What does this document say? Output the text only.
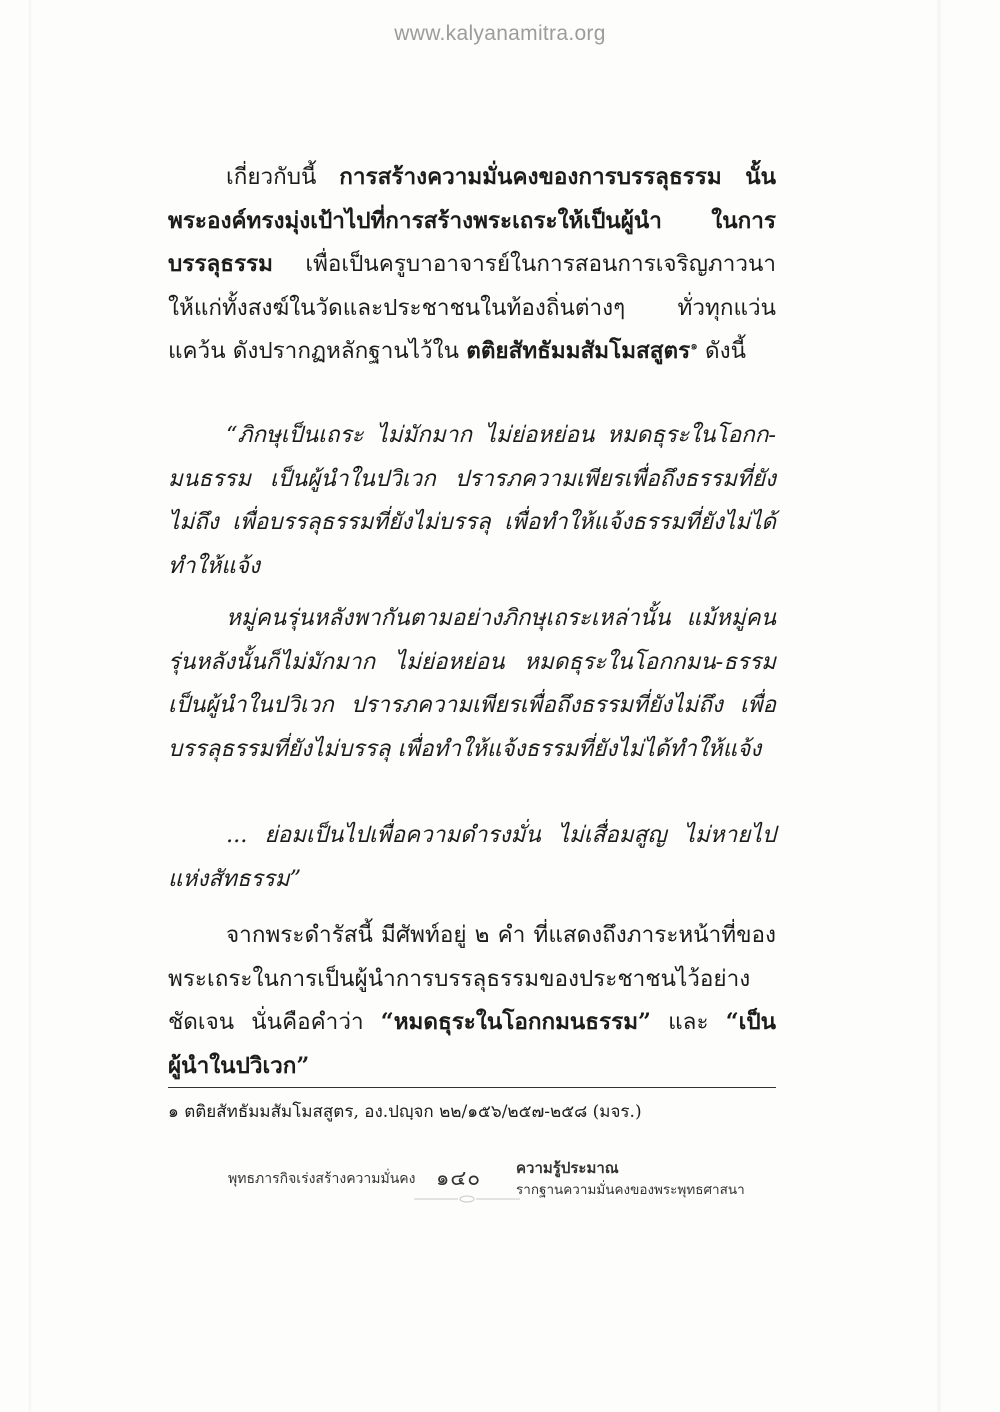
www.kalyanamitra.org

เกี่ยวกับนี้ การสร้างความมั่นคงของการบรรลุธรรม นั้น พระองค์ทรงมุ่งเป้าไปที่การสร้างพระเถระให้เป็นผู้นำ ในการบรรลุธรรม เพื่อเป็นครูบาอาจารย์ในการสอนการเจริญภาวนาให้แก่ทั้งสงฆ์ในวัดและประชาชนในท้องถิ่นต่างๆ ทั่วทุกแว่นแคว้น ดังปรากฏหลักฐานไว้ใน ตติยสัทธัมมสัมโมสสูตร$^๑$ ดังนี้

“ภิกษุเป็นเถระ ไม่มักมาก ไม่ย่อหย่อน หมดธุระในโอกก-มนธรรม เป็นผู้นำในปวิเวก ปรารภความเพียรเพื่อถึงธรรมที่ยังไม่ถึง เพื่อบรรลุธรรมที่ยังไม่บรรลุ เพื่อทำให้แจ้งธรรมที่ยังไม่ได้ทำให้แจ้ง

หมู่คนรุ่นหลังพากันตามอย่างภิกษุเถระเหล่านั้น แม้หมู่คนรุ่นหลังนั้นก็ไม่มักมาก ไม่ย่อหย่อน หมดธุระในโอกกมน-ธรรม เป็นผู้นำในปวิเวก ปรารภความเพียรเพื่อถึงธรรมที่ยังไม่ถึง เพื่อบรรลุธรรมที่ยังไม่บรรลุ เพื่อทำให้แจ้งธรรมที่ยังไม่ได้ทำให้แจ้ง

... ย่อมเป็นไปเพื่อความดำรงมั่น ไม่เสื่อมสูญ ไม่หายไปแห่งสัทธรรม”

จากพระดำรัสนี้ มีศัพท์อยู่ ๒ คำ ที่แสดงถึงภาระหน้าที่ของพระเถระในการเป็นผู้นำการบรรลุธรรมของประชาชนไว้อย่างชัดเจน นั่นคือคำว่า “หมดธุระในโอกกมนธรรม” และ “เป็นผู้นำในปวิเวก”

๑ ตติยสัทธัมมสัมโมสสูตร, อง.ปญฺจก ๒๒/๑๕๖/๒๕๗-๒๕๘ (มจร.)

พุทธภารกิจเร่งสร้างความมั่นคง ๑๔๐ ความรู้ประมาณ
รากฐานความมั่นคงของพระพุทธศาสนา
